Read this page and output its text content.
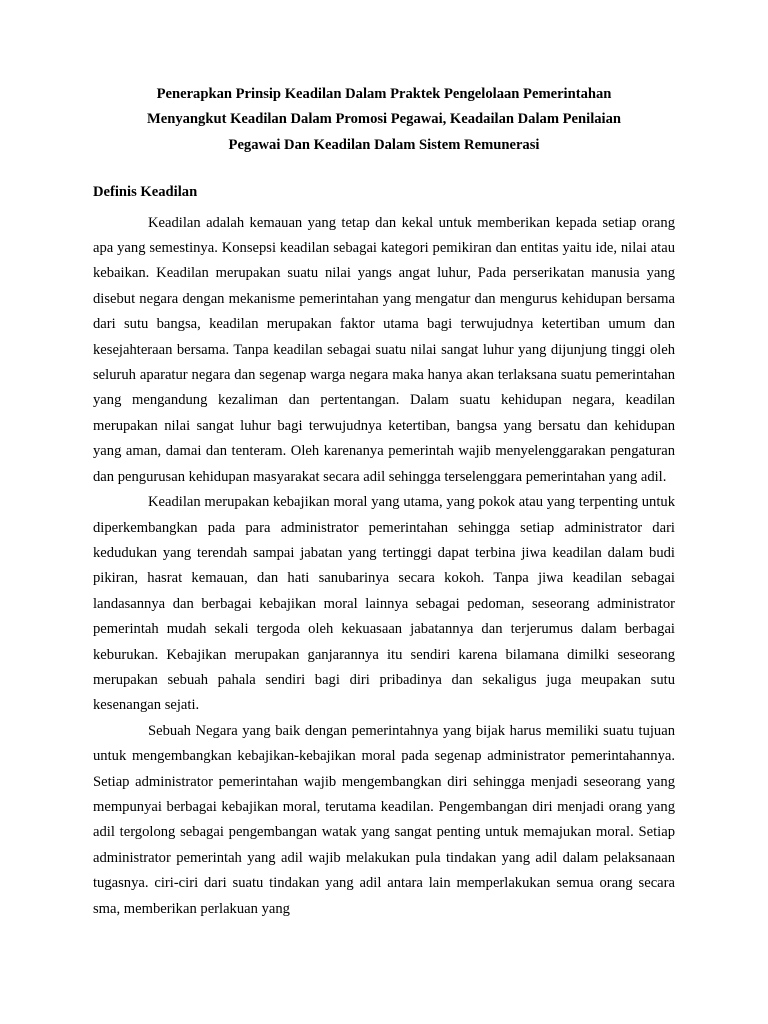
Penerapkan Prinsip Keadilan Dalam Praktek Pengelolaan Pemerintahan
Menyangkut Keadilan Dalam Promosi Pegawai, Keadailan Dalam Penilaian
Pegawai Dan Keadilan Dalam Sistem Remunerasi
Definis Keadilan

Keadilan adalah kemauan yang tetap dan kekal untuk memberikan kepada setiap orang apa yang semestinya. Konsepsi keadilan sebagai kategori pemikiran dan entitas yaitu ide, nilai atau kebaikan. Keadilan merupakan suatu nilai yangs angat luhur, Pada perserikatan manusia yang disebut negara dengan mekanisme pemerintahan yang mengatur dan mengurus kehidupan bersama dari sutu bangsa, keadilan merupakan faktor utama bagi terwujudnya ketertiban umum dan kesejahteraan bersama. Tanpa keadilan sebagai suatu nilai sangat luhur yang dijunjung tinggi oleh seluruh aparatur negara dan segenap warga negara maka hanya akan terlaksana suatu pemerintahan yang mengandung kezaliman dan pertentangan. Dalam suatu kehidupan negara, keadilan merupakan nilai sangat luhur bagi terwujudnya ketertiban, bangsa yang bersatu dan kehidupan yang aman, damai dan tenteram. Oleh karenanya pemerintah wajib menyelenggarakan pengaturan dan pengurusan kehidupan masyarakat secara adil sehingga terselenggara pemerintahan yang adil.

Keadilan merupakan kebajikan moral yang utama, yang pokok atau yang terpenting untuk diperkembangkan pada para administrator pemerintahan sehingga setiap administrator dari kedudukan yang terendah sampai jabatan yang tertinggi dapat terbina jiwa keadilan dalam budi pikiran, hasrat kemauan, dan hati sanubarinya secara kokoh. Tanpa jiwa keadilan sebagai landasannya dan berbagai kebajikan moral lainnya sebagai pedoman, seseorang administrator pemerintah mudah sekali tergoda oleh kekuasaan jabatannya dan terjerumus dalam berbagai keburukan. Kebajikan merupakan ganjarannya itu sendiri karena bilamana dimilki seseorang merupakan sebuah pahala sendiri bagi diri pribadinya dan sekaligus juga meupakan sutu kesenangan sejati.

Sebuah Negara yang baik dengan pemerintahnya yang bijak harus memiliki suatu tujuan untuk mengembangkan kebajikan-kebajikan moral pada segenap administrator pemerintahannya. Setiap administrator pemerintahan wajib mengembangkan diri sehingga menjadi seseorang yang mempunyai berbagai kebajikan moral, terutama keadilan. Pengembangan diri menjadi orang yang adil tergolong sebagai pengembangan watak yang sangat penting untuk memajukan moral. Setiap administrator pemerintah yang adil wajib melakukan pula tindakan yang adil dalam pelaksanaan tugasnya. ciri-ciri dari suatu tindakan yang adil antara lain memperlakukan semua orang secara sma, memberikan perlakuan yang
